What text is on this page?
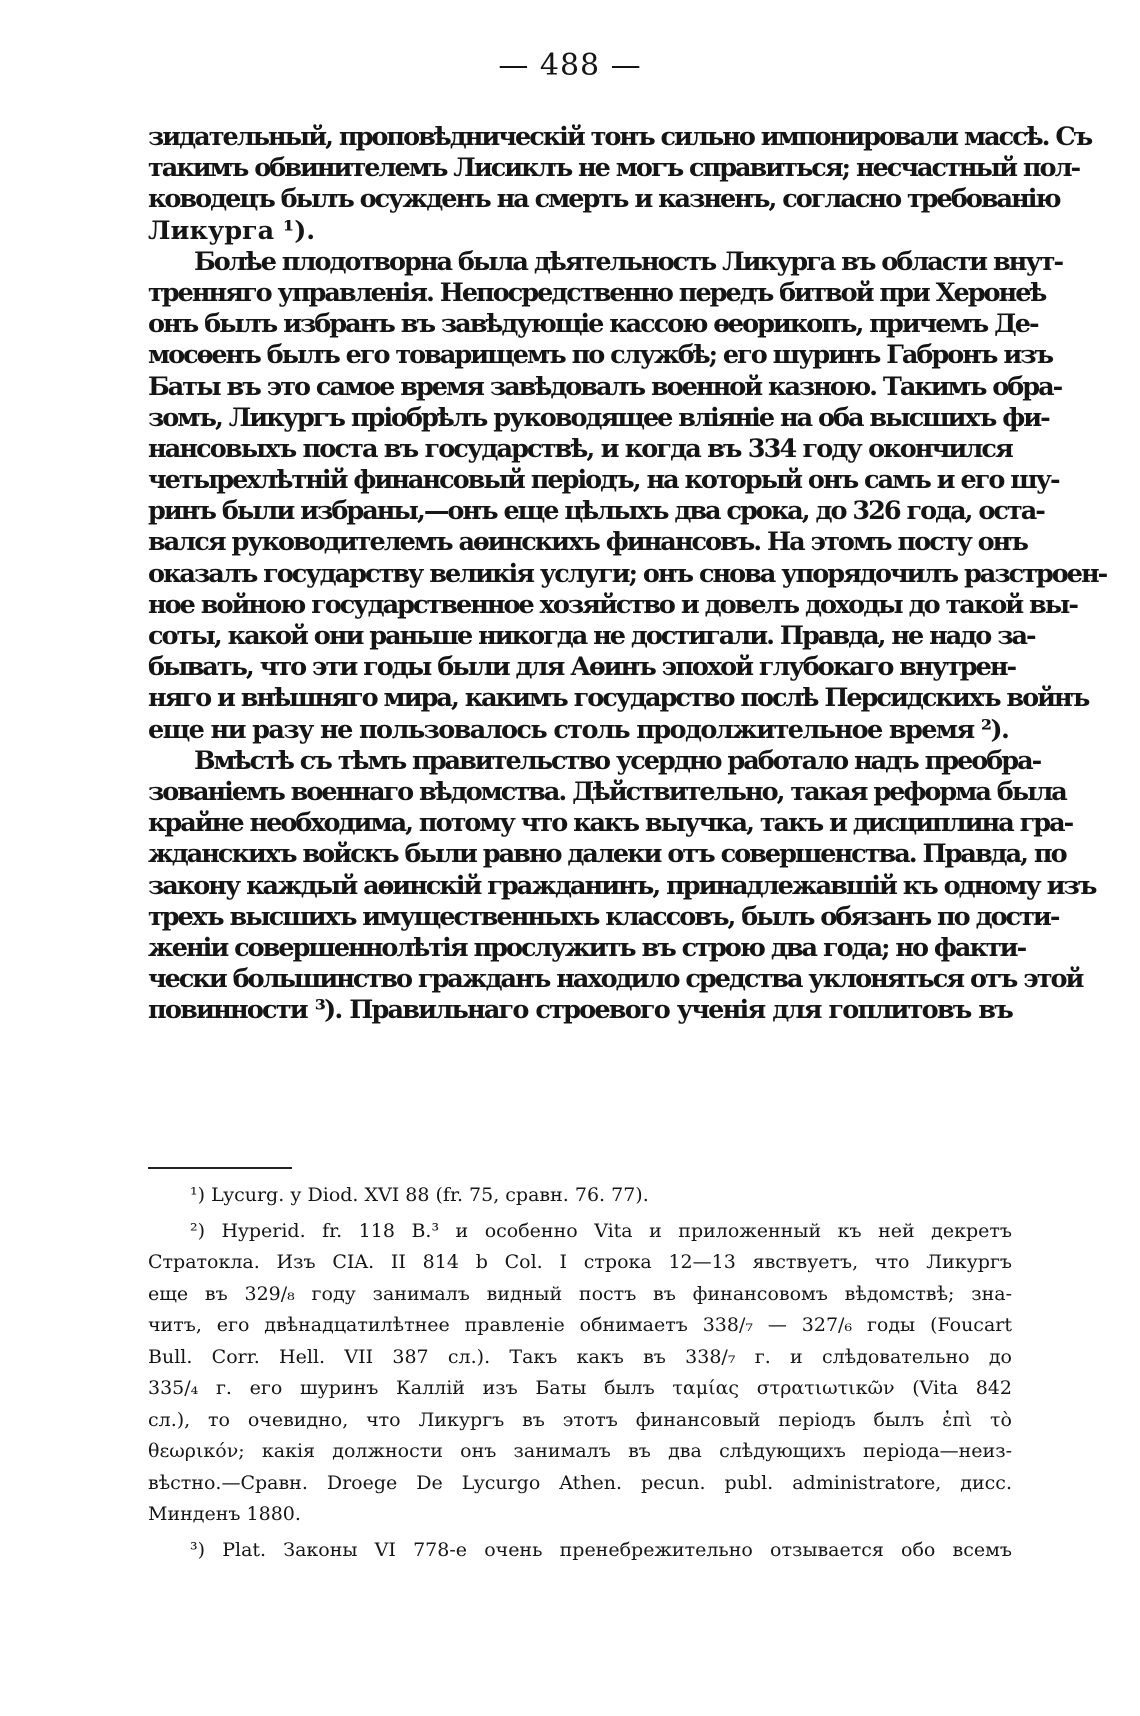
— 488 —
зидательный, проповѣдническій тонъ сильно импонировали массѣ. Съ
такимъ обвинителемъ Лисиклъ не могъ справиться; несчастный пол-
ководецъ былъ осужденъ на смерть и казненъ, согласно требованію
Ликурга ¹).
Болѣе плодотворна была дѣятельность Ликурга въ области внут-
тренняго управленія. Непосредственно передъ битвой при Херонеѣ
онъ былъ избранъ въ завѣдующіе кассою ѳеорикопъ, причемъ Де-
мосѳенъ былъ его товарищемъ по службѣ; его шуринъ Габронъ изъ
Баты въ это самое время завѣдовалъ военной казною. Такимъ обра-
зомъ, Ликургъ пріобрѣлъ руководящее вліяніе на оба высшихъ фи-
нансовыхъ поста въ государствѣ, и когда въ 334 году окончился
четырехлѣтній финансовый періодъ, на который онъ самъ и его шу-
ринъ были избраны,—онъ еще цѣлыхъ два срока, до 326 года, оста-
вался руководителемъ аѳинскихъ финансовъ. На этомъ посту онъ
оказалъ государству великія услуги; онъ снова упорядочилъ разстроен-
ное войною государственное хозяйство и довелъ доходы до такой вы-
соты, какой они раньше никогда не достигали. Правда, не надо за-
бывать, что эти годы были для Аѳинъ эпохой глубокаго внутрен-
няго и внѣшняго мира, какимъ государство послѣ Персидскихъ войнъ
еще ни разу не пользовалось столь продолжительное время ²).
Вмѣстѣ съ тѣмъ правительство усердно работало надъ преобра-
зованіемъ военнаго вѣдомства. Дѣйствительно, такая реформа была
крайне необходима, потому что какъ выучка, такъ и дисциплина гра-
жданскихъ войскъ были равно далеки отъ совершенства. Правда, по
закону каждый аѳинскій гражданинъ, принадлежавшій къ одному изъ
трехъ высшихъ имущественныхъ классовъ, былъ обязанъ по дости-
женіи совершеннолѣтія прослужить въ строю два года; но факти-
чески большинство гражданъ находило средства уклоняться отъ этой
повинности ³). Правильнаго строевого ученія для гоплитовъ въ
¹) Lycurg. у Diod. XVI 88 (fr. 75, сравн. 76. 77).
²) Hyperid. fr. 118 B.³ и особенно Vita и приложенный къ ней декретъ
Стратокла. Изъ CIA. II 814 b Col. I строка 12—13 явствуетъ, что Ликургъ
еще въ 329/₈ году занималъ видный постъ въ финансовомъ вѣдомствѣ; зна-
читъ, его двѣнадцатилѣтнее правленіе обнимаетъ 338/₇ — 327/₆ годы (Foucart
Bull. Corr. Hell. VII 387 сл.). Такъ какъ въ 338/₇ г. и слѣдовательно до
335/₄ г. его шуринъ Каллій изъ Баты былъ ταμίας στρατιωτικῶν (Vita 842
сл.), то очевидно, что Ликургъ въ этотъ финансовый періодъ былъ ἐπὶ τὸ
θεωρικόν; какія должности онъ занималъ въ два слѣдующихъ періода—неиз-
вѣстно.—Сравн. Droege De Lycurgo Athen. pecun. publ. administratore, дисс.
Минденъ 1880.
³) Plat. Законы VI 778-е очень пренебрежительно отзывается обо всемъ
